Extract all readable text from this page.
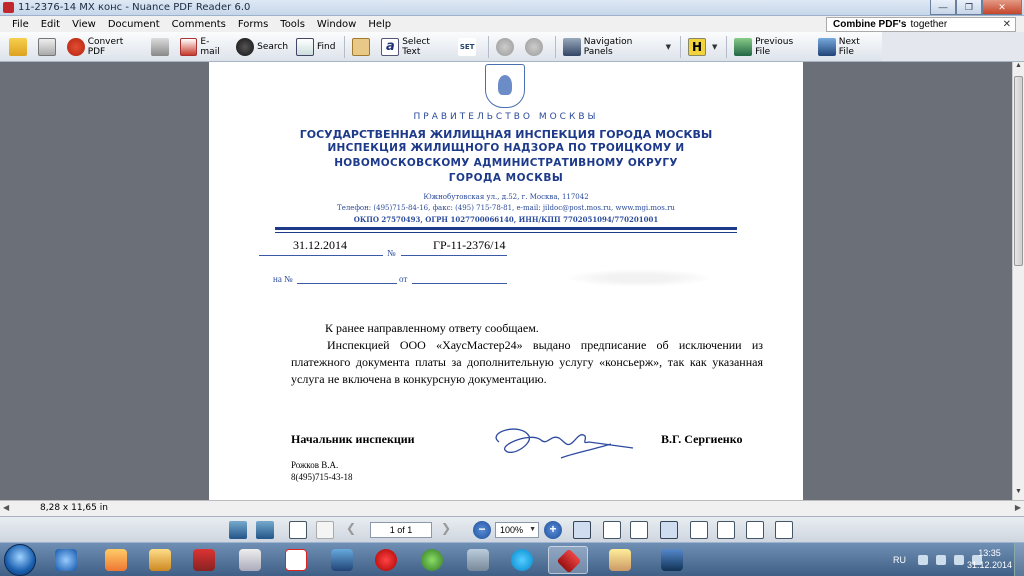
11-2376-14 МХ конс - Nuance PDF Reader 6.0	—	❐	✕
File	Edit	View	Document	Comments	Forms	Tools	Window	Help	Combine PDF's together	✕
Convert PDF
E-mail	Search	Find	a Select Text	SET	Navigation Panels	▼	H	▼	Previous File
Next File
▲
▼
ПРАВИТЕЛЬСТВО МОСКВЫ
ГОСУДАРСТВЕННАЯ ЖИЛИЩНАЯ ИНСПЕКЦИЯ ГОРОДА МОСКВЫ
ИНСПЕКЦИЯ ЖИЛИЩНОГО НАДЗОРА ПО ТРОИЦКОМУ И
НОВОМОСКОВСКОМУ АДМИНИСТРАТИВНОМУ ОКРУГУ
ГОРОДА МОСКВЫ
Южнобутовская ул., д.52, г. Москва, 117042
Телефон: (495)715-84-16, факс: (495) 715-78-81, e-mail: jildoc@post.mos.ru, www.mgi.mos.ru
ОКПО 27570493, ОГРН 1027700066140, ИНН/КПП 7702051094/770201001
31.12.2014	ГР-11-2376/14
№
на №	от
К ранее направленному ответу сообщаем.
Инспекцией ООО «ХаусМастер24» выдано предписание об исключении из платежного документа платы за дополнительную услугу «консьерж», так как указанная услуга не включена в конкурсную документацию.
Начальник инспекции	В.Г. Сергиенко
Рожков В.А.
8(495)715-43-18
◀	8,28 x 11,65 in	▶
❮	1 of 1	❯	−	100% ▼	+
RU
13:35
31.12.2014
